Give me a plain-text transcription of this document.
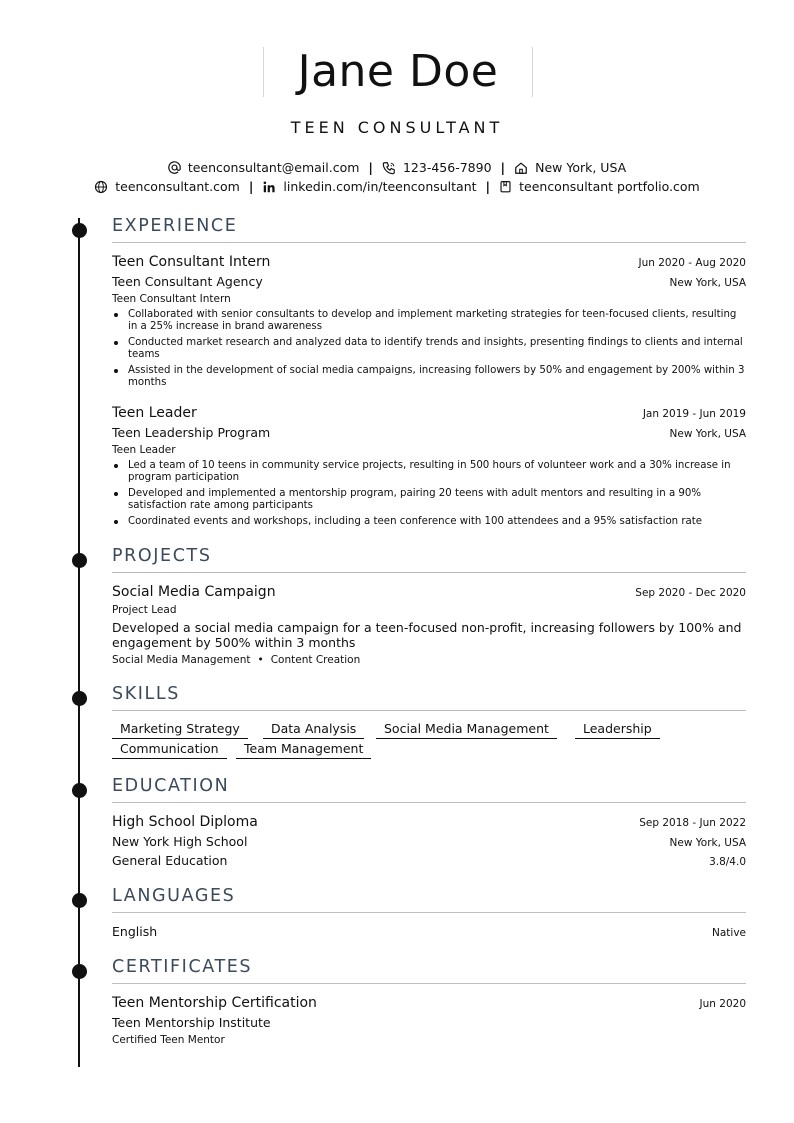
Jane Doe
TEEN CONSULTANT
teenconsultant@email.com | 123-456-7890 | New York, USA
teenconsultant.com | linkedin.com/in/teenconsultant | teenconsultant portfolio.com
EXPERIENCE
Teen Consultant Intern	Jun 2020 - Aug 2020
Teen Consultant Agency	New York, USA
Teen Consultant Intern
Collaborated with senior consultants to develop and implement marketing strategies for teen-focused clients, resulting in a 25% increase in brand awareness
Conducted market research and analyzed data to identify trends and insights, presenting findings to clients and internal teams
Assisted in the development of social media campaigns, increasing followers by 50% and engagement by 200% within 3 months
Teen Leader	Jan 2019 - Jun 2019
Teen Leadership Program	New York, USA
Teen Leader
Led a team of 10 teens in community service projects, resulting in 500 hours of volunteer work and a 30% increase in program participation
Developed and implemented a mentorship program, pairing 20 teens with adult mentors and resulting in a 90% satisfaction rate among participants
Coordinated events and workshops, including a teen conference with 100 attendees and a 95% satisfaction rate
PROJECTS
Social Media Campaign	Sep 2020 - Dec 2020
Project Lead
Developed a social media campaign for a teen-focused non-profit, increasing followers by 100% and engagement by 500% within 3 months
Social Media Management • Content Creation
SKILLS
Marketing Strategy	Data Analysis	Social Media Management	Leadership
Communication	Team Management
EDUCATION
High School Diploma	Sep 2018 - Jun 2022
New York High School	New York, USA
General Education	3.8/4.0
LANGUAGES
English	Native
CERTIFICATES
Teen Mentorship Certification	Jun 2020
Teen Mentorship Institute
Certified Teen Mentor
